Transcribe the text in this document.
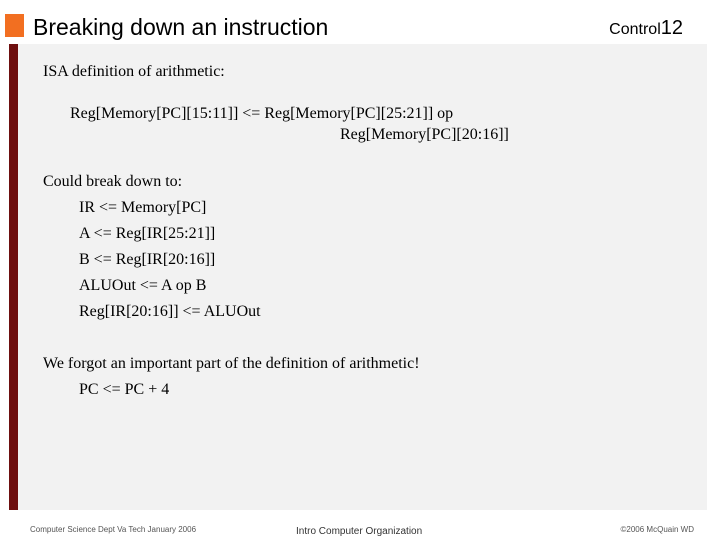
Breaking down an instruction	Control12
ISA definition of arithmetic:
Reg[Memory[PC][15:11]] <= Reg[Memory[PC][25:21]] op
Reg[Memory[PC][20:16]]
Could break down to:
IR <= Memory[PC]
A <= Reg[IR[25:21]]
B <= Reg[IR[20:16]]
ALUOut <= A op B
Reg[IR[20:16]] <= ALUOut
We forgot an important part of the definition of arithmetic!
PC <= PC + 4
Computer Science Dept Va Tech January 2006	Intro Computer Organization	©2006 McQuain WD
